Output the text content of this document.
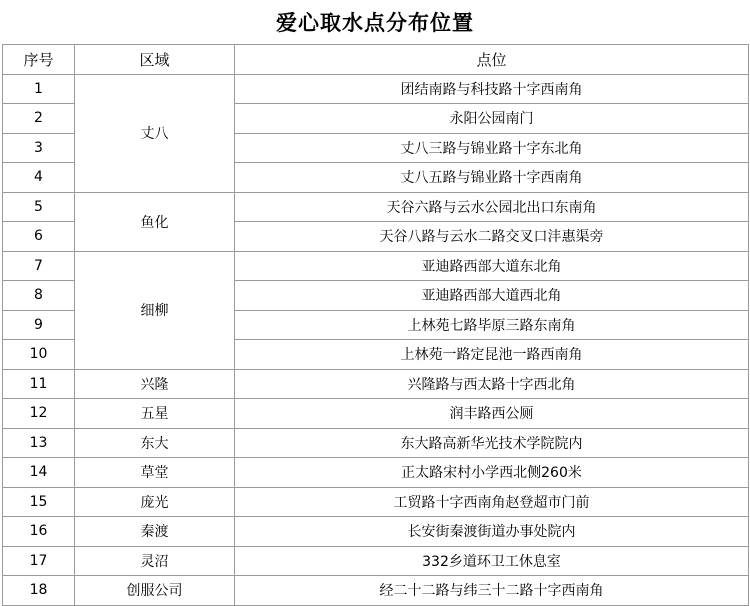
爱心取水点分布位置
序号	区域	点位
1	丈八	团结南路与科技路十字西南角
2		永阳公园南门
3		丈八三路与锦业路十字东北角
4		丈八五路与锦业路十字西南角
5	鱼化	天谷六路与云水公园北出口东南角
6		天谷八路与云水二路交叉口沣惠渠旁
7	细柳	亚迪路西部大道东北角
8		亚迪路西部大道西北角
9		上林苑七路毕原三路东南角
10		上林苑一路定昆池一路西南角
11	兴隆	兴隆路与西太路十字西北角
12	五星	润丰路西公厕
13	东大	东大路高新华光技术学院院内
14	草堂	正太路宋村小学西北侧260米
15	庞光	工贸路十字西南角赵登超市门前
16	秦渡	长安街秦渡街道办事处院内
17	灵沼	332乡道环卫工休息室
18	创服公司	经二十二路与纬三十二路十字西南角
